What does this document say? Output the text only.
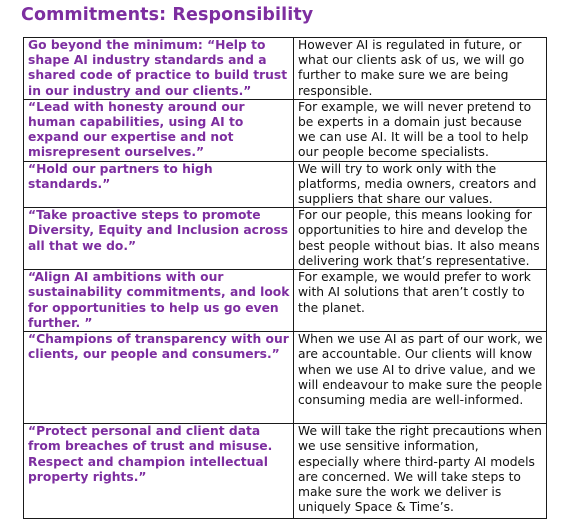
Commitments: Responsibility
Go beyond the minimum: “Help to shape AI industry standards and a shared code of practice to build trust in our industry and our clients.”	However AI is regulated in future, or what our clients ask of us, we will go further to make sure we are being responsible.
“Lead with honesty around our human capabilities, using AI to expand our expertise and not misrepresent ourselves.”	For example, we will never pretend to be experts in a domain just because we can use AI. It will be a tool to help our people become specialists.
“Hold our partners to high standards.”	We will try to work only with the platforms, media owners, creators and suppliers that share our values.
“Take proactive steps to promote Diversity, Equity and Inclusion across all that we do.”	For our people, this means looking for opportunities to hire and develop the best people without bias. It also means delivering work that’s representative.
“Align AI ambitions with our sustainability commitments, and look for opportunities to help us go even further. ”	For example, we would prefer to work with AI solutions that aren’t costly to the planet.
“Champions of transparency with our clients, our people and consumers.”	When we use AI as part of our work, we are accountable. Our clients will know when we use AI to drive value, and we will endeavour to make sure the people consuming media are well-informed.
“Protect personal and client data from breaches of trust and misuse. Respect and champion intellectual property rights.”	We will take the right precautions when we use sensitive information, especially where third-party AI models are concerned. We will take steps to make sure the work we deliver is uniquely Space & Time’s.
